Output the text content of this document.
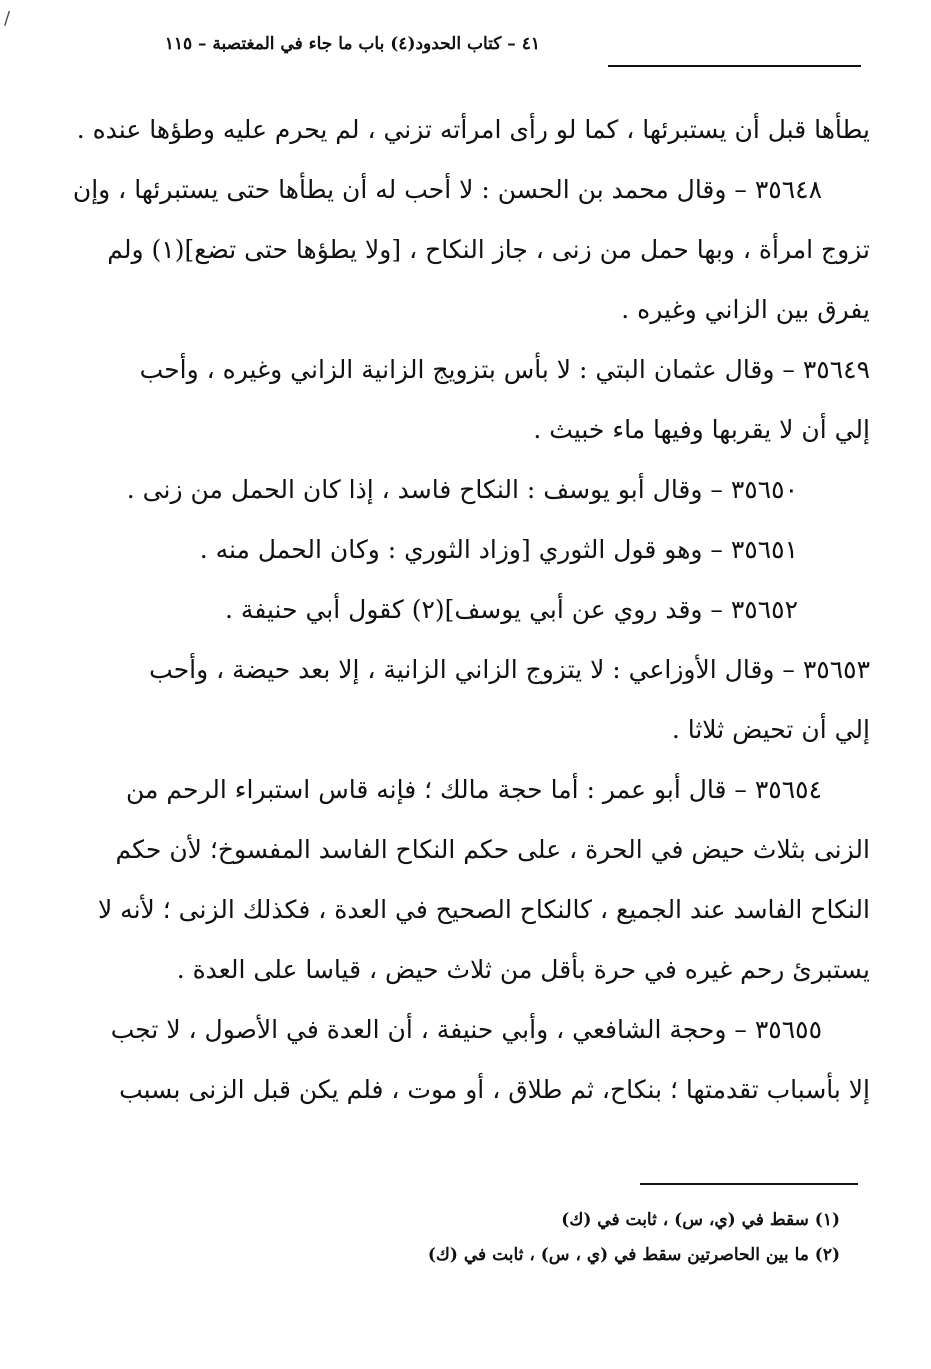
/
٤١ – كتاب الحدود(٤) باب ما جاء في المغتصبة – ١١٥
يطأها قبل أن يستبرئها ، كما لو رأى امرأته تزني ، لم يحرم عليه وطؤها عنده .
٣٥٦٤٨ – وقال محمد بن الحسن : لا أحب له أن يطأها حتى يستبرئها ، وإن
تزوج امرأة ، وبها حمل من زنى ، جاز النكاح ، [ولا يطؤها حتى تضع](١) ولم
يفرق بين الزاني وغيره .
٣٥٦٤٩ – وقال عثمان البتي : لا بأس بتزويج الزانية الزاني وغيره ، وأحب
إلي أن لا يقربها وفيها ماء خبيث .
٣٥٦٥٠ – وقال أبو يوسف : النكاح فاسد ، إذا كان الحمل من زنى .
٣٥٦٥١ – وهو قول الثوري [وزاد الثوري : وكان الحمل منه .
٣٥٦٥٢ – وقد روي عن أبي يوسف](٢) كقول أبي حنيفة .
٣٥٦٥٣ – وقال الأوزاعي : لا يتزوج الزاني الزانية ، إلا بعد حيضة ، وأحب
إلي أن تحيض ثلاثا .
٣٥٦٥٤ – قال أبو عمر : أما حجة مالك ؛ فإنه قاس استبراء الرحم من
الزنى بثلاث حيض في الحرة ، على حكم النكاح الفاسد المفسوخ؛ لأن حكم
النكاح الفاسد عند الجميع ، كالنكاح الصحيح في العدة ، فكذلك الزنى ؛ لأنه لا
يستبرئ رحم غيره في حرة بأقل من ثلاث حيض ، قياسا على العدة .
٣٥٦٥٥ – وحجة الشافعي ، وأبي حنيفة ، أن العدة في الأصول ، لا تجب
إلا بأسباب تقدمتها ؛ بنكاح، ثم طلاق ، أو موت ، فلم يكن قبل الزنى بسبب
(١) سقط في (ي، س) ، ثابت في (ك)
(٢) ما بين الحاصرتين سقط في (ي ، س) ، ثابت في (ك)
